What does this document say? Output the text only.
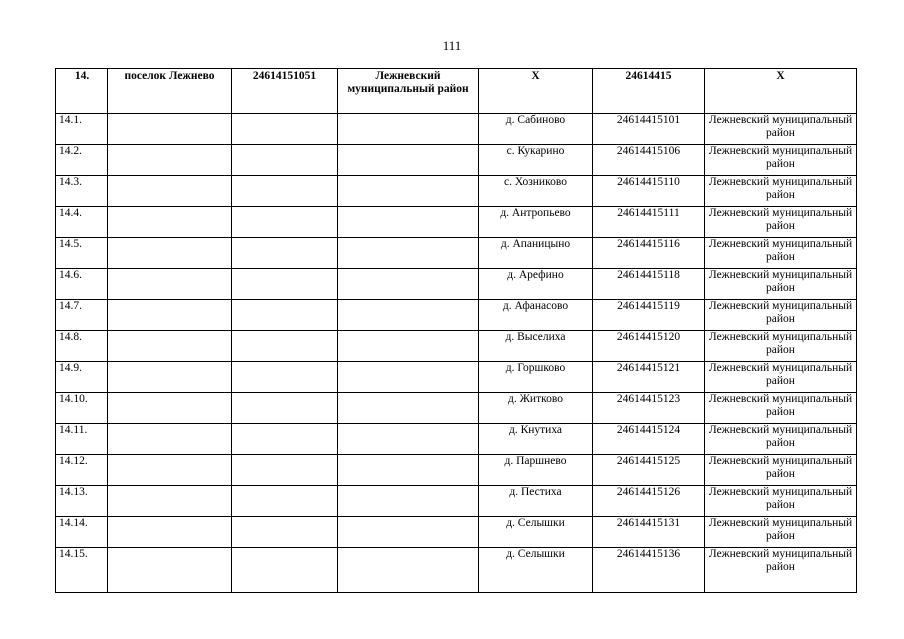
111
14.	поселок Лежнево	24614151051	Лежневский муниципальный район	Х	24614415	Х
14.1.				д. Сабиново	24614415101	Лежневский муниципальный район
14.2.				с. Кукарино	24614415106	Лежневский муниципальный район
14.3.				с. Хозниково	24614415110	Лежневский муниципальный район
14.4.				д. Антропьево	24614415111	Лежневский муниципальный район
14.5.				д. Апаницыно	24614415116	Лежневский муниципальный район
14.6.				д. Арефино	24614415118	Лежневский муниципальный район
14.7.				д. Афанасово	24614415119	Лежневский муниципальный район
14.8.				д. Выселиха	24614415120	Лежневский муниципальный район
14.9.				д. Горшково	24614415121	Лежневский муниципальный район
14.10.				д. Житково	24614415123	Лежневский муниципальный район
14.11.				д. Кнутиха	24614415124	Лежневский муниципальный район
14.12.				д. Паршнево	24614415125	Лежневский муниципальный район
14.13.				д. Пестиха	24614415126	Лежневский муниципальный район
14.14.				д. Селышки	24614415131	Лежневский муниципальный район
14.15.				д. Селышки	24614415136	Лежневский муниципальный район
